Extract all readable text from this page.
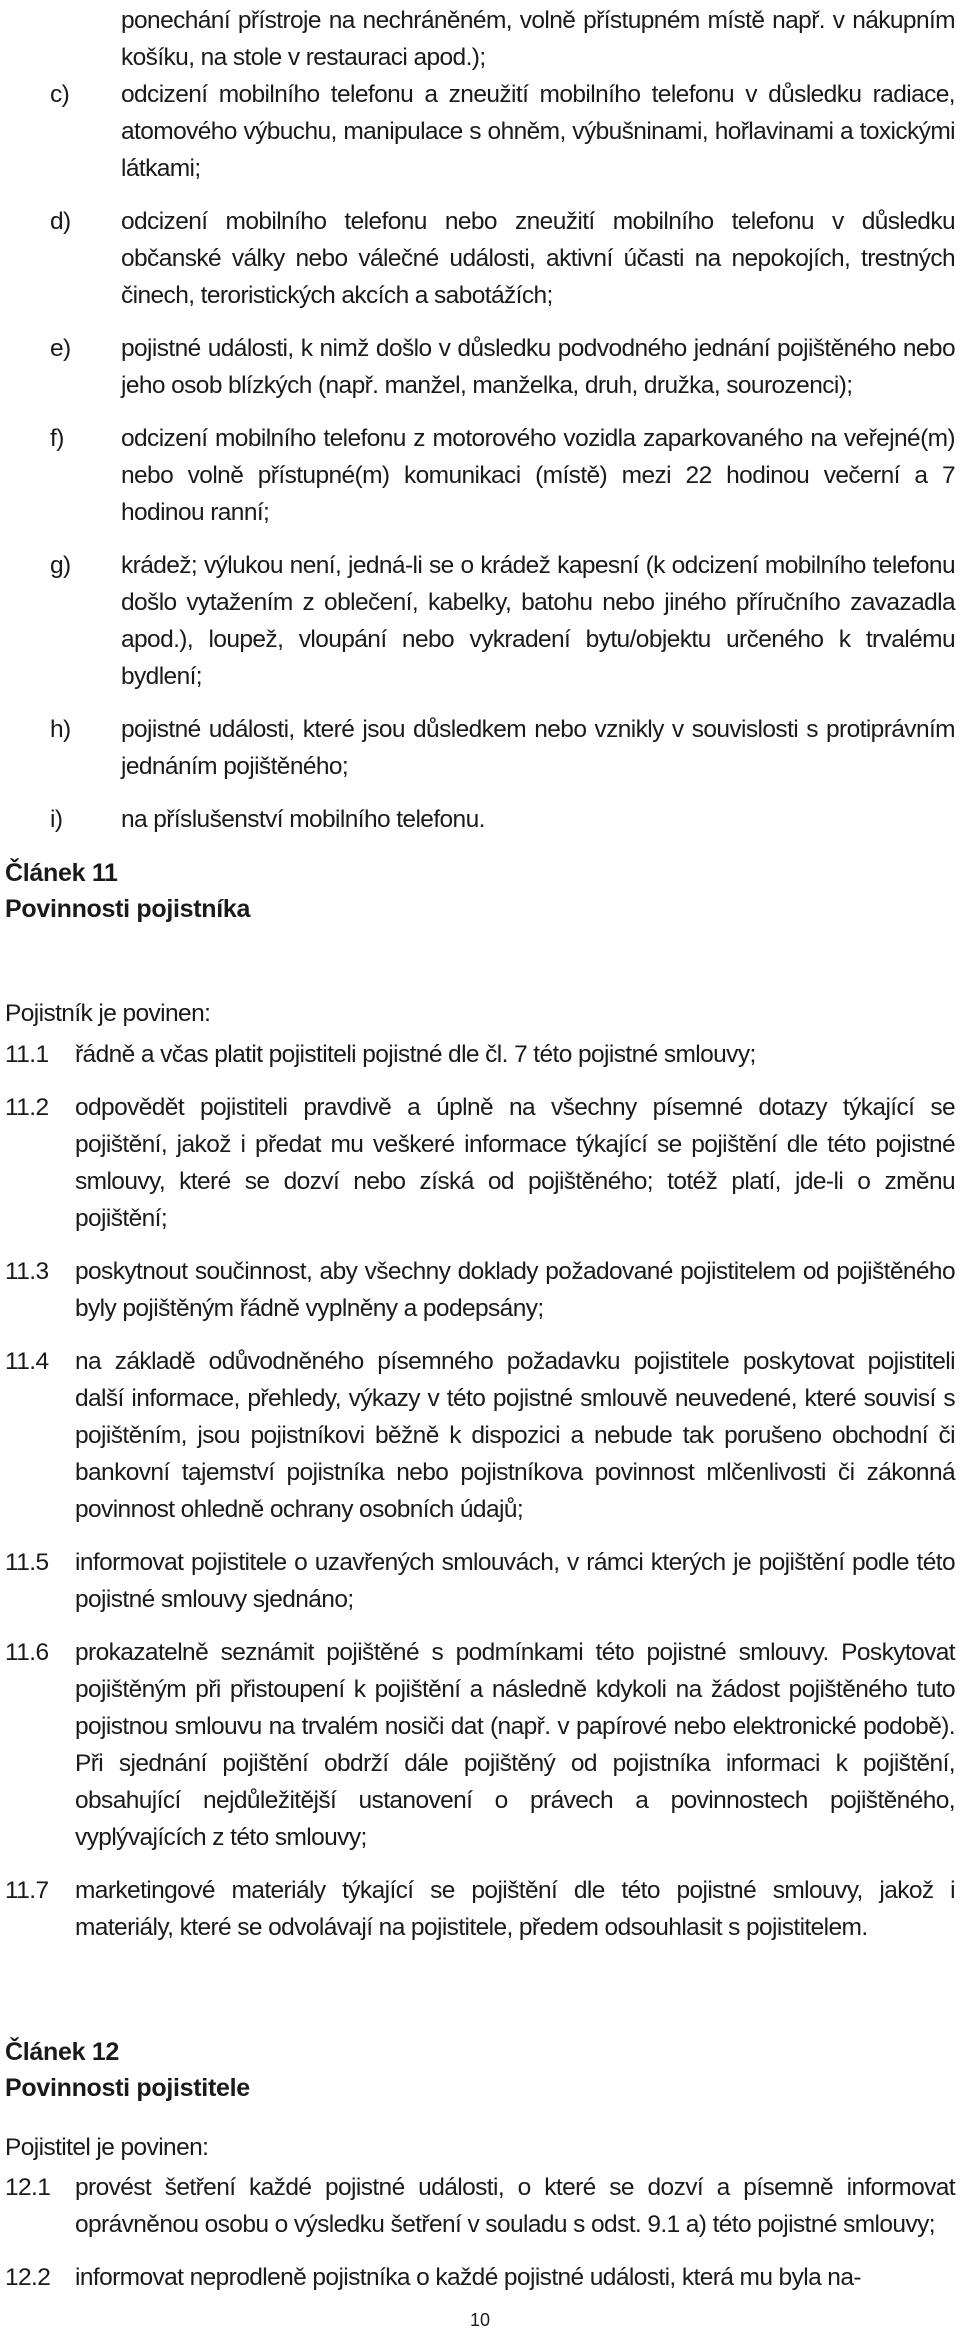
ponechání přístroje na nechráněném, volně přístupném místě např. v nákupním košíku, na stole v restauraci apod.);
c) odcizení mobilního telefonu a zneužití mobilního telefonu v důsledku radiace, atomového výbuchu, manipulace s ohněm, výbušninami, hořlavinami a toxickými látkami;
d) odcizení mobilního telefonu nebo zneužití mobilního telefonu v důsledku občanské války nebo válečné události, aktivní účasti na nepokojích, trestných činech, teroristických akcích a sabotážích;
e) pojistné události, k nimž došlo v důsledku podvodného jednání pojištěného nebo jeho osob blízkých (např. manžel, manželka, druh, družka, sourozenci);
f) odcizení mobilního telefonu z motorového vozidla zaparkovaného na veřejné(m) nebo volně přístupné(m) komunikaci (místě) mezi 22 hodinou večerní a 7 hodinou ranní;
g) krádež; výlukou není, jedná-li se o krádež kapesní (k odcizení mobilního telefonu došlo vytažením z oblečení, kabelky, batohu nebo jiného příručního zavazadla apod.), loupež, vloupání nebo vykradení bytu/objektu určeného k trvalému bydlení;
h) pojistné události, které jsou důsledkem nebo vznikly v souvislosti s protiprávním jednáním pojištěného;
i) na příslušenství mobilního telefonu.
Článek 11
Povinnosti pojistníka
Pojistník je povinen:
11.1 řádně a včas platit pojistiteli pojistné dle čl. 7 této pojistné smlouvy;
11.2 odpovědět pojistiteli pravdivě a úplně na všechny písemné dotazy týkající se pojištění, jakož i předat mu veškeré informace týkající se pojištění dle této pojistné smlouvy, které se dozví nebo získá od pojištěného; totéž platí, jde-li o změnu pojištění;
11.3 poskytnout součinnost, aby všechny doklady požadované pojistitelem od pojištěného byly pojištěným řádně vyplněny a podepsány;
11.4 na základě odůvodněného písemného požadavku pojistitele poskytovat pojistiteli další informace, přehledy, výkazy v této pojistné smlouvě neuvedené, které souvisí s pojištěním, jsou pojistníkovi běžně k dispozici a nebude tak porušeno obchodní či bankovní tajemství pojistníka nebo pojistníkova povinnost mlčenlivosti či zákonná povinnost ohledně ochrany osobních údajů;
11.5 informovat pojistitele o uzavřených smlouvách, v rámci kterých je pojištění podle této pojistné smlouvy sjednáno;
11.6 prokazatelně seznámit pojištěné s podmínkami této pojistné smlouvy. Poskytovat pojištěným při přistoupení k pojištění a následně kdykoli na žádost pojištěného tuto pojistnou smlouvu na trvalém nosiči dat (např. v papírové nebo elektronické podobě). Při sjednání pojištění obdrží dále pojištěný od pojistníka informaci k pojištění, obsahující nejdůležitější ustanovení o právech a povinnostech pojištěného, vyplývajících z této smlouvy;
11.7 marketingové materiály týkající se pojištění dle této pojistné smlouvy, jakož i materiály, které se odvolávají na pojistitele, předem odsouhlasit s pojistitelem.
Článek 12
Povinnosti pojistitele
Pojistitel je povinen:
12.1 provést šetření každé pojistné události, o které se dozví a písemně informovat oprávněnou osobu o výsledku šetření v souladu s odst. 9.1 a) této pojistné smlouvy;
12.2 informovat neprodleně pojistníka o každé pojistné události, která mu byla na-
10
